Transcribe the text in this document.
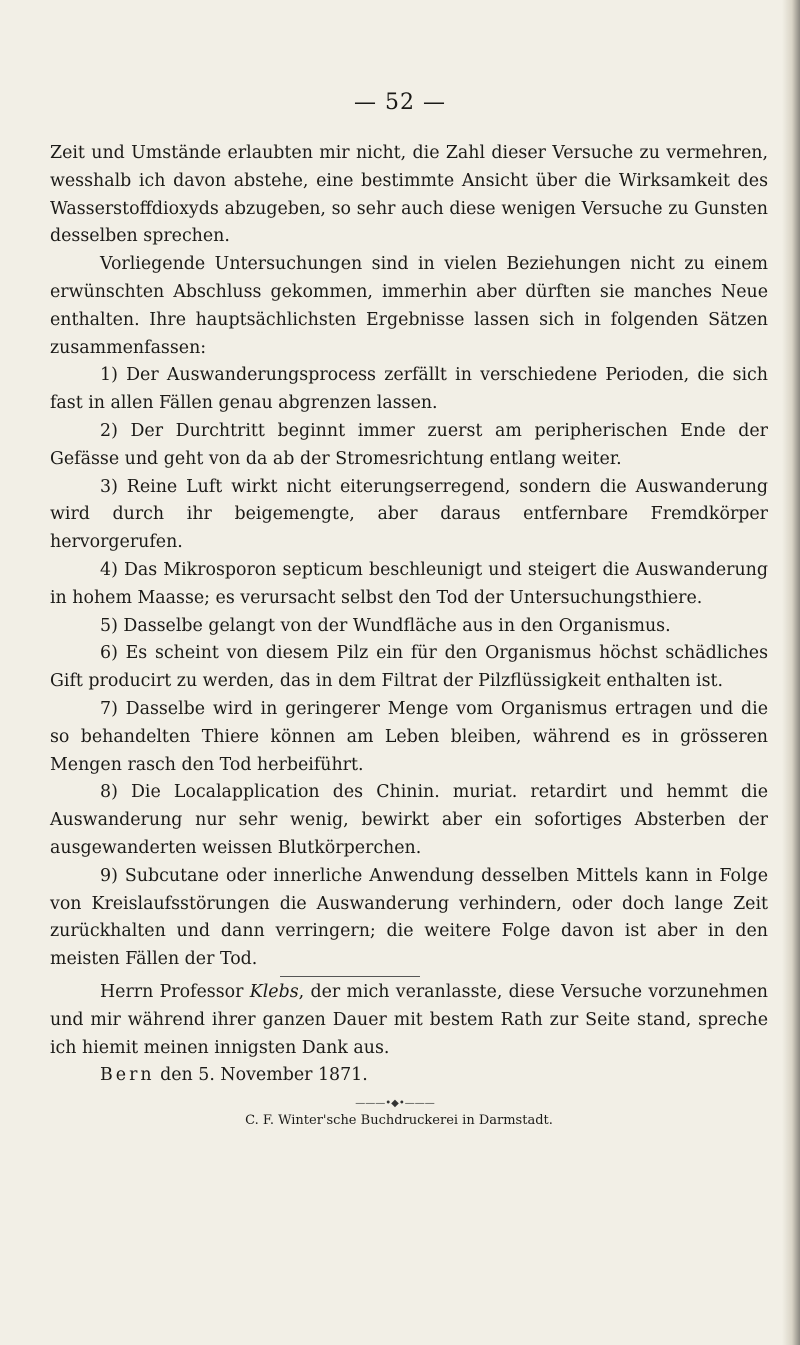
— 52 —

Zeit und Umstände erlaubten mir nicht, die Zahl dieser Versuche zu vermehren, wesshalb ich davon abstehe, eine bestimmte Ansicht über die Wirksamkeit des Wasserstoffdioxyds abzugeben, so sehr auch diese wenigen Versuche zu Gunsten desselben sprechen.

Vorliegende Untersuchungen sind in vielen Beziehungen nicht zu einem erwünschten Abschluss gekommen, immerhin aber dürften sie manches Neue enthalten. Ihre hauptsächlichsten Ergebnisse lassen sich in folgenden Sätzen zusammenfassen:

1) Der Auswanderungsprocess zerfällt in verschiedene Perioden, die sich fast in allen Fällen genau abgrenzen lassen.

2) Der Durchtritt beginnt immer zuerst am peripherischen Ende der Gefässe und geht von da ab der Stromesrichtung entlang weiter.

3) Reine Luft wirkt nicht eiterungserregend, sondern die Auswanderung wird durch ihr beigemengte, aber daraus entfernbare Fremdkörper hervorgerufen.

4) Das Mikrosporon septicum beschleunigt und steigert die Auswanderung in hohem Maasse; es verursacht selbst den Tod der Untersuchungsthiere.

5) Dasselbe gelangt von der Wundfläche aus in den Organismus.

6) Es scheint von diesem Pilz ein für den Organismus höchst schädliches Gift producirt zu werden, das in dem Filtrat der Pilzflüssigkeit enthalten ist.

7) Dasselbe wird in geringerer Menge vom Organismus ertragen und die so behandelten Thiere können am Leben bleiben, während es in grösseren Mengen rasch den Tod herbeiführt.

8) Die Localapplication des Chinin. muriat. retardirt und hemmt die Auswanderung nur sehr wenig, bewirkt aber ein sofortiges Absterben der ausgewanderten weissen Blutkörperchen.

9) Subcutane oder innerliche Anwendung desselben Mittels kann in Folge von Kreislaufsstörungen die Auswanderung verhindern, oder doch lange Zeit zurückhalten und dann verringern; die weitere Folge davon ist aber in den meisten Fällen der Tod.

Herrn Professor Klebs, der mich veranlasste, diese Versuche vorzunehmen und mir während ihrer ganzen Dauer mit bestem Rath zur Seite stand, spreche ich hiemit meinen innigsten Dank aus.

Bern den 5. November 1871.

———•◆•———
C. F. Winter'sche Buchdruckerei in Darmstadt.
